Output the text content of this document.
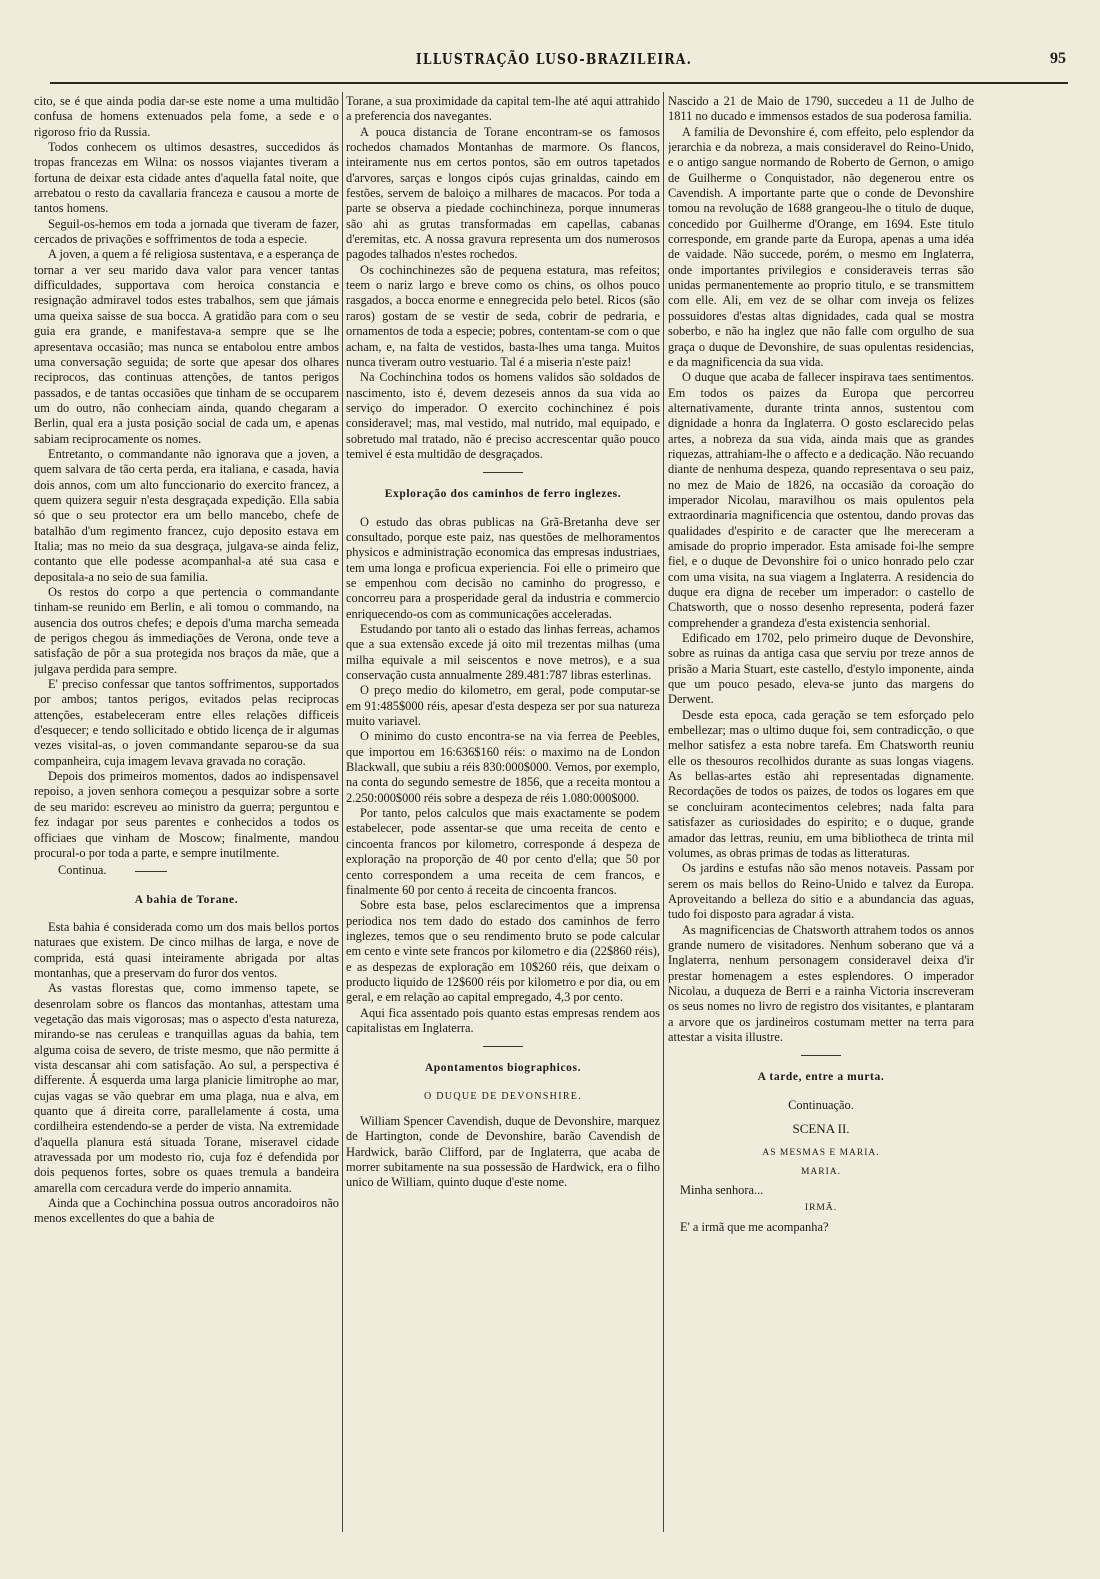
ILLUSTRAÇÃO LUSO-BRAZILEIRA.	95

cito, se é que ainda podia dar-se este nome a uma multidão confusa de homens extenuados pela fome, a sede e o rigoroso frio da Russia.

Todos conhecem os ultimos desastres, succedidos ás tropas francezas em Wilna: os nossos viajantes tiveram a fortuna de deixar esta cidade antes d'aquella fatal noite, que arrebatou o resto da cavallaria franceza e causou a morte de tantos homens.

Seguil-os-hemos em toda a jornada que tiveram de fazer, cercados de privações e soffrimentos de toda a especie.

A joven, a quem a fé religiosa sustentava, e a esperança de tornar a ver seu marido dava valor para vencer tantas difficuldades, supportava com heroica constancia e resignação admiravel todos estes trabalhos, sem que jámais uma queixa saisse de sua bocca. A gratidão para com o seu guia era grande, e manifestava-a sempre que se lhe apresentava occasião; mas nunca se entabolou entre ambos uma conversação seguida; de sorte que apesar dos olhares reciprocos, das continuas attenções, de tantos perigos passados, e de tantas occasiões que tinham de se occuparem um do outro, não conheciam ainda, quando chegaram a Berlin, qual era a justa posição social de cada um, e apenas sabiam reciprocamente os nomes.

Entretanto, o commandante não ignorava que a joven, a quem salvara de tão certa perda, era italiana, e casada, havia dois annos, com um alto funccionario do exercito francez, a quem quizera seguir n'esta desgraçada expedição. Ella sabia só que o seu protector era um bello mancebo, chefe de batalhão d'um regimento francez, cujo deposito estava em Italia; mas no meio da sua desgraça, julgava-se ainda feliz, contanto que elle podesse acompanhal-a até sua casa e depositala-a no seio de sua familia.

Os restos do corpo a que pertencia o commandante tinham-se reunido em Berlin, e ali tomou o commando, na ausencia dos outros chefes; e depois d'uma marcha semeada de perigos chegou ás immediações de Verona, onde teve a satisfação de pôr a sua protegida nos braços da mãe, que a julgava perdida para sempre.

E' preciso confessar que tantos soffrimentos, supportados por ambos; tantos perigos, evitados pelas reciprocas attenções, estabeleceram entre elles relações difficeis d'esquecer; e tendo sollicitado e obtido licença de ir algumas vezes visital-as, o joven commandante separou-se da sua companheira, cuja imagem levava gravada no coração.

Depois dos primeiros momentos, dados ao indispensavel repoiso, a joven senhora começou a pesquizar sobre a sorte de seu marido: escreveu ao ministro da guerra; perguntou e fez indagar por seus parentes e conhecidos a todos os officiaes que vinham de Moscow; finalmente, mandou procural-o por toda a parte, e sempre inutilmente.

Continua.
A bahia de Torane.

Esta bahia é considerada como um dos mais bellos portos naturaes que existem. De cinco milhas de larga, e nove de comprida, está quasi inteiramente abrigada por altas montanhas, que a preservam do furor dos ventos.

As vastas florestas que, como immenso tapete, se desenrolam sobre os flancos das montanhas, attestam uma vegetação das mais vigorosas; mas o aspecto d'esta natureza, mirando-se nas ceruleas e tranquillas aguas da bahia, tem alguma coisa de severo, de triste mesmo, que não permitte á vista descansar ahi com satisfação. Ao sul, a perspectiva é differente. Á esquerda uma larga planicie limitrophe ao mar, cujas vagas se vão quebrar em uma plaga, nua e alva, em quanto que á direita corre, parallelamente á costa, uma cordilheira estendendo-se a perder de vista. Na extremidade d'aquella planura está situada Torane, miseravel cidade atravessada por um modesto rio, cuja foz é defendida por dois pequenos fortes, sobre os quaes tremula a bandeira amarella com cercadura verde do imperio annamita.

Ainda que a Cochinchina possua outros ancoradoiros não menos excellentes do que a bahia de

Torane, a sua proximidade da capital tem-lhe até aqui attrahido a preferencia dos navegantes.

A pouca distancia de Torane encontram-se os famosos rochedos chamados Montanhas de marmore. Os flancos, inteiramente nus em certos pontos, são em outros tapetados d'arvores, sarças e longos cipós cujas grinaldas, caindo em festões, servem de baloiço a milhares de macacos. Por toda a parte se observa a piedade cochinchineza, porque innumeras são ahi as grutas transformadas em capellas, cabanas d'eremitas, etc. A nossa gravura representa um dos numerosos pagodes talhados n'estes rochedos.

Os cochinchinezes são de pequena estatura, mas refeitos; teem o nariz largo e breve como os chins, os olhos pouco rasgados, a bocca enorme e ennegrecida pelo betel. Ricos (são raros) gostam de se vestir de seda, cobrir de pedraria, e ornamentos de toda a especie; pobres, contentam-se com o que acham, e, na falta de vestidos, basta-lhes uma tanga. Muitos nunca tiveram outro vestuario. Tal é a miseria n'este paiz!

Na Cochinchina todos os homens validos são soldados de nascimento, isto é, devem dezeseis annos da sua vida ao serviço do imperador. O exercito cochinchinez é pois consideravel; mas, mal vestido, mal nutrido, mal equipado, e sobretudo mal tratado, não é preciso accrescentar quão pouco temivel é esta multidão de desgraçados.

Exploração dos caminhos de ferro inglezes.

O estudo das obras publicas na Grã-Bretanha deve ser consultado, porque este paiz, nas questões de melhoramentos physicos e administração economica das empresas industriaes, tem uma longa e proficua experiencia. Foi elle o primeiro que se empenhou com decisão no caminho do progresso, e concorreu para a prosperidade geral da industria e commercio enriquecendo-os com as communicações acceleradas.

Estudando por tanto ali o estado das linhas ferreas, achamos que a sua extensão excede já oito mil trezentas milhas (uma milha equivale a mil seiscentos e nove metros), e a sua conservação custa annualmente 289.481:787 libras esterlinas.

O preço medio do kilometro, em geral, pode computar-se em 91:485$000 réis, apesar d'esta despeza ser por sua natureza muito variavel.

O minimo do custo encontra-se na via ferrea de Peebles, que importou em 16:636$160 réis: o maximo na de London Blackwall, que subiu a réis 830:000$000. Vemos, por exemplo, na conta do segundo semestre de 1856, que a receita montou a 2.250:000$000 réis sobre a despeza de réis 1.080:000$000.

Por tanto, pelos calculos que mais exactamente se podem estabelecer, pode assentar-se que uma receita de cento e cincoenta francos por kilometro, corresponde á despeza de exploração na proporção de 40 por cento d'ella; que 50 por cento correspondem a uma receita de cem francos, e finalmente 60 por cento á receita de cincoenta francos.

Sobre esta base, pelos esclarecimentos que a imprensa periodica nos tem dado do estado dos caminhos de ferro inglezes, temos que o seu rendimento bruto se pode calcular em cento e vinte sete francos por kilometro e dia (22$860 réis), e as despezas de exploração em 10$260 réis, que deixam o producto liquido de 12$600 réis por kilometro e por dia, ou em geral, e em relação ao capital empregado, 4,3 por cento.

Aqui fica assentado pois quanto estas empresas rendem aos capitalistas em Inglaterra.

Apontamentos biographicos.
O DUQUE DE DEVONSHIRE.

William Spencer Cavendish, duque de Devonshire, marquez de Hartington, conde de Devonshire, barão Cavendish de Hardwick, barão Clifford, par de Inglaterra, que acaba de morrer subitamente na sua possessão de Hardwick, era o filho unico de William, quinto duque d'este nome.

Nascido a 21 de Maio de 1790, succedeu a 11 de Julho de 1811 no ducado e immensos estados de sua poderosa familia.

A familia de Devonshire é, com effeito, pelo esplendor da jerarchia e da nobreza, a mais consideravel do Reino-Unido, e o antigo sangue normando de Roberto de Gernon, o amigo de Guilherme o Conquistador, não degenerou entre os Cavendish. A importante parte que o conde de Devonshire tomou na revolução de 1688 grangeou-lhe o titulo de duque, concedido por Guilherme d'Orange, em 1694. Este titulo corresponde, em grande parte da Europa, apenas a uma idéa de vaidade. Não succede, porém, o mesmo em Inglaterra, onde importantes privilegios e consideraveis terras são unidas permanentemente ao proprio titulo, e se transmittem com elle. Ali, em vez de se olhar com inveja os felizes possuidores d'estas altas dignidades, cada qual se mostra soberbo, e não ha inglez que não falle com orgulho de sua graça o duque de Devonshire, de suas opulentas residencias, e da magnificencia da sua vida.

O duque que acaba de fallecer inspirava taes sentimentos. Em todos os paizes da Europa que percorreu alternativamente, durante trinta annos, sustentou com dignidade a honra da Inglaterra. O gosto esclarecido pelas artes, a nobreza da sua vida, ainda mais que as grandes riquezas, attrahiam-lhe o affecto e a dedicação. Não recuando diante de nenhuma despeza, quando representava o seu paiz, no mez de Maio de 1826, na occasião da coroação do imperador Nicolau, maravilhou os mais opulentos pela extraordinaria magnificencia que ostentou, dando provas das qualidades d'espirito e de caracter que lhe mereceram a amisade do proprio imperador. Esta amisade foi-lhe sempre fiel, e o duque de Devonshire foi o unico honrado pelo czar com uma visita, na sua viagem a Inglaterra. A residencia do duque era digna de receber um imperador: o castello de Chatsworth, que o nosso desenho representa, poderá fazer comprehender a grandeza d'esta existencia senhorial.

Edificado em 1702, pelo primeiro duque de Devonshire, sobre as ruinas da antiga casa que serviu por treze annos de prisão a Maria Stuart, este castello, d'estylo imponente, ainda que um pouco pesado, eleva-se junto das margens do Derwent.

Desde esta epoca, cada geração se tem esforçado pelo embellezar; mas o ultimo duque foi, sem contradicção, o que melhor satisfez a esta nobre tarefa. Em Chatsworth reuniu elle os thesouros recolhidos durante as suas longas viagens. As bellas-artes estão ahi representadas dignamente. Recordações de todos os paizes, de todos os logares em que se concluiram acontecimentos celebres; nada falta para satisfazer as curiosidades do espirito; e o duque, grande amador das lettras, reuniu, em uma bibliotheca de trinta mil volumes, as obras primas de todas as litteraturas.

Os jardins e estufas não são menos notaveis. Passam por serem os mais bellos do Reino-Unido e talvez da Europa. Aproveitando a belleza do sitio e a abundancia das aguas, tudo foi disposto para agradar á vista.

As magnificencias de Chatsworth attrahem todos os annos grande numero de visitadores. Nenhum soberano que vá a Inglaterra, nenhum personagem consideravel deixa d'ir prestar homenagem a estes esplendores. O imperador Nicolau, a duqueza de Berri e a rainha Victoria inscreveram os seus nomes no livro de registro dos visitantes, e plantaram a arvore que os jardineiros costumam metter na terra para attestar a visita illustre.

A tarde, entre a murta.
Continuação.
SCENA II.
AS MESMAS E MARIA.
MARIA.

Minha senhora...

IRMÃ.

E' a irmã que me acompanha?
